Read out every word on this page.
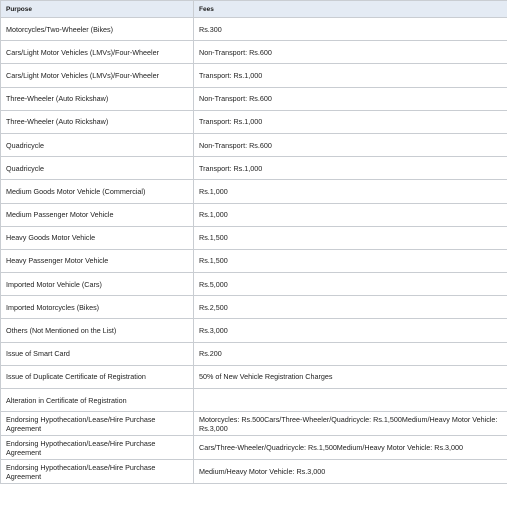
Purpose	Fees
Motorcycles/Two-Wheeler (Bikes)	Rs.300
Cars/Light Motor Vehicles (LMVs)/Four-Wheeler	Non-Transport: Rs.600
Cars/Light Motor Vehicles (LMVs)/Four-Wheeler	Transport: Rs.1,000
Three-Wheeler (Auto Rickshaw)	Non-Transport: Rs.600
Three-Wheeler (Auto Rickshaw)	Transport: Rs.1,000
Quadricycle	Non-Transport: Rs.600
Quadricycle	Transport: Rs.1,000
Medium Goods Motor Vehicle (Commercial)	Rs.1,000
Medium Passenger Motor Vehicle	Rs.1,000
Heavy Goods Motor Vehicle	Rs.1,500
Heavy Passenger Motor Vehicle	Rs.1,500
Imported Motor Vehicle (Cars)	Rs.5,000
Imported Motorcycles (Bikes)	Rs.2,500
Others (Not Mentioned on the List)	Rs.3,000
Issue of Smart Card	Rs.200
Issue of Duplicate Certificate of Registration	50% of New Vehicle Registration Charges
Alteration in Certificate of Registration	
Endorsing Hypothecation/Lease/Hire Purchase Agreement	Motorcycles: Rs.500Cars/Three-Wheeler/Quadricycle: Rs.1,500Medium/Heavy Motor Vehicle: Rs.3,000
Endorsing Hypothecation/Lease/Hire Purchase Agreement	Cars/Three-Wheeler/Quadricycle: Rs.1,500Medium/Heavy Motor Vehicle: Rs.3,000
Endorsing Hypothecation/Lease/Hire Purchase Agreement	Medium/Heavy Motor Vehicle: Rs.3,000
